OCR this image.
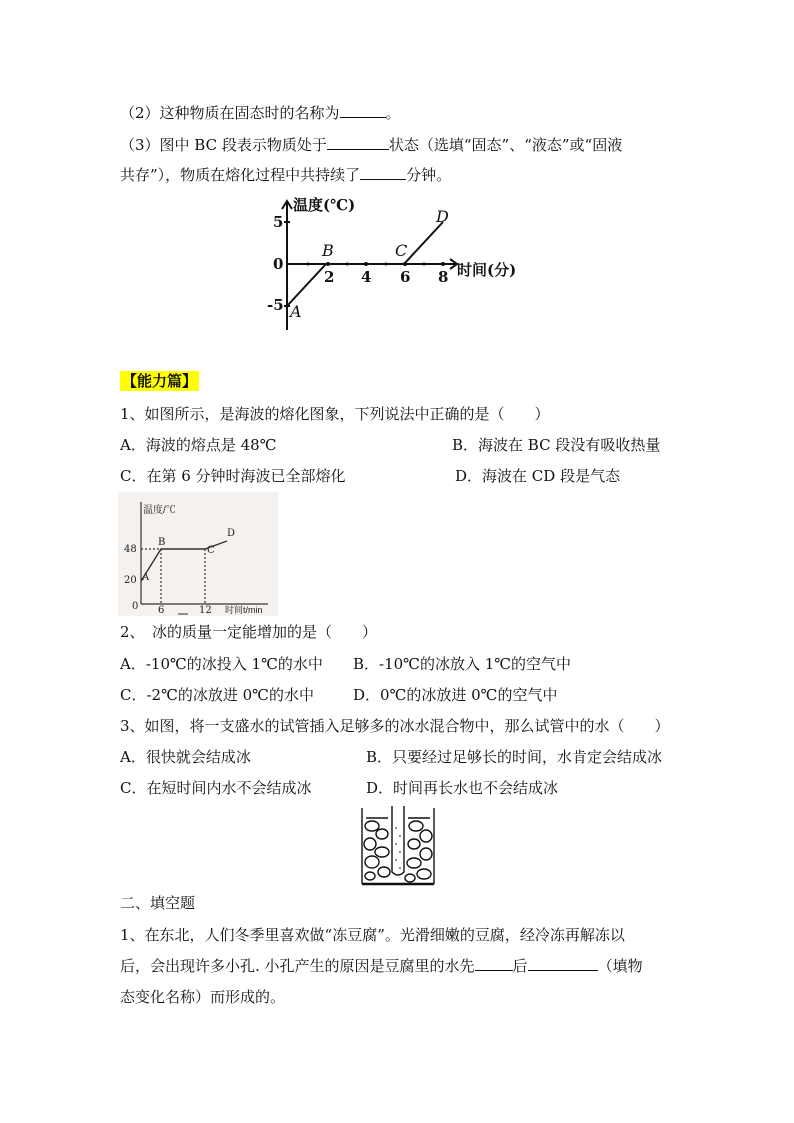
（2）这种物质在固态时的名称为	。
（3）图中 BC 段表示物质处于	状态（选填“固态”、“液态”或“固液
共存”），物质在熔化过程中共持续了	分钟。
温度(℃)
时间(分)
5
0
-5
2 4 6 8
A
B	C
D
【能力篇】
1、如图所示，是海波的熔化图象，下列说法中正确的是（　　）
A．海波的熔点是 48℃	B．海波在 BC 段没有吸收热量
C．在第 6 分钟时海波已全部熔化	D．海波在 CD 段是气态
温度/℃
时间t/min
48
20
0 6	12
A
B
C
D
2、　冰的质量一定能增加的是（　　）
A．-10℃的冰投入 1℃的水中 B．-10℃的冰放入 1℃的空气中
C．-2℃的冰放进 0℃的水中	D．0℃的冰放进 0℃的空气中
3、如图，将一支盛水的试管插入足够多的冰水混合物中，那么试管中的水（　　）
A．很快就会结成冰	B．只要经过足够长的时间，水肯定会结成冰
C．在短时间内水不会结成冰	D．时间再长水也不会结成冰
二、填空题
1、在东北，人们冬季里喜欢做“冻豆腐”。光滑细嫩的豆腐，经冷冻再解冻以
后，会出现许多小孔. 小孔产生的原因是豆腐里的水先	后	（填物
态变化名称）而形成的。
